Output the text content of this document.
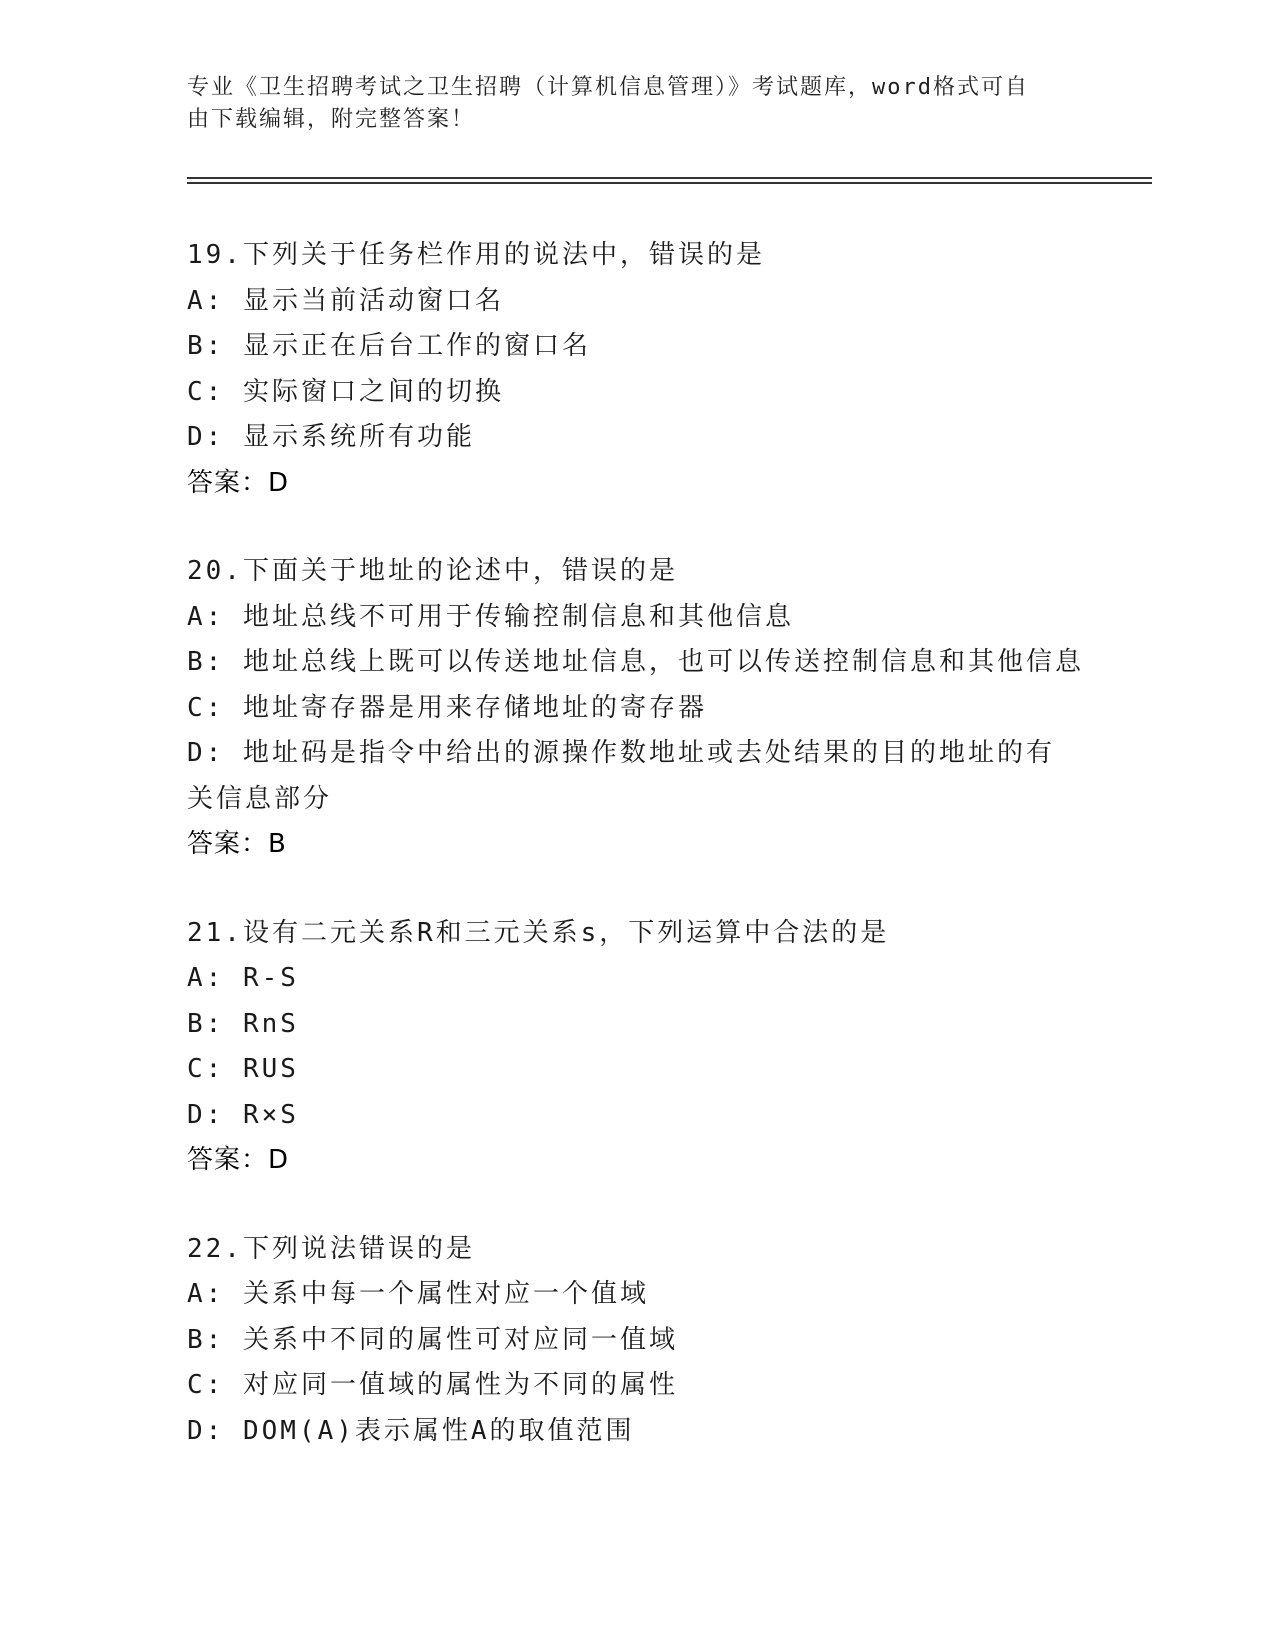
专业《卫生招聘考试之卫生招聘（计算机信息管理）》考试题库，word格式可自
由下载编辑，附完整答案！
19.下列关于任务栏作用的说法中，错误的是
A: 显示当前活动窗口名
B: 显示正在后台工作的窗口名
C: 实际窗口之间的切换
D: 显示系统所有功能
答案：D
20.下面关于地址的论述中，错误的是
A: 地址总线不可用于传输控制信息和其他信息
B: 地址总线上既可以传送地址信息，也可以传送控制信息和其他信息
C: 地址寄存器是用来存储地址的寄存器
D: 地址码是指令中给出的源操作数地址或去处结果的目的地址的有关信息部分
答案：B
21.设有二元关系R和三元关系s，下列运算中合法的是
A: R-S
B: RnS
C: RUS
D: R×S
答案：D
22.下列说法错误的是
A: 关系中每一个属性对应一个值域
B: 关系中不同的属性可对应同一值域
C: 对应同一值域的属性为不同的属性
D: DOM(A)表示属性A的取值范围
